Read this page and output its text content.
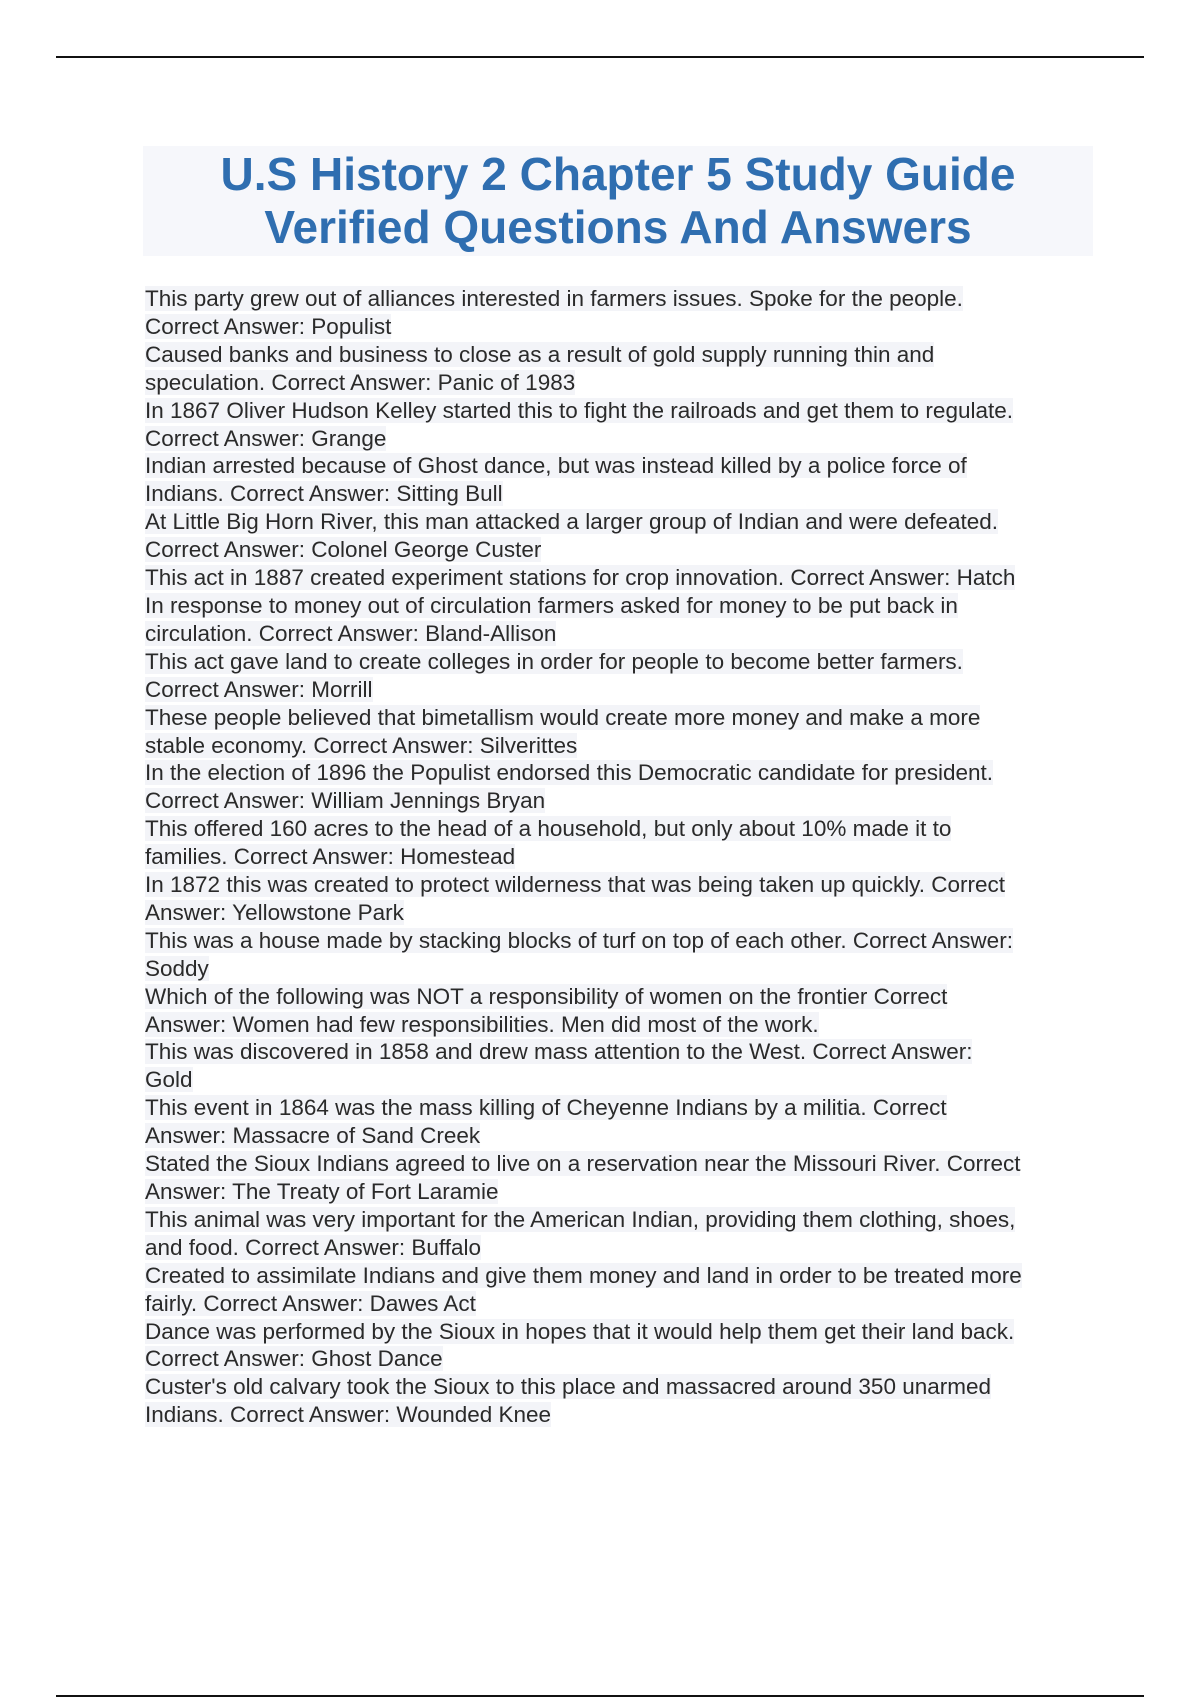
U.S History 2 Chapter 5 Study Guide
Verified Questions And Answers
This party grew out of alliances interested in farmers issues. Spoke for the people.
Correct Answer: Populist
Caused banks and business to close as a result of gold supply running thin and
speculation. Correct Answer: Panic of 1983
In 1867 Oliver Hudson Kelley started this to fight the railroads and get them to regulate.
Correct Answer: Grange
Indian arrested because of Ghost dance, but was instead killed by a police force of
Indians. Correct Answer: Sitting Bull
At Little Big Horn River, this man attacked a larger group of Indian and were defeated.
Correct Answer: Colonel George Custer
This act in 1887 created experiment stations for crop innovation. Correct Answer: Hatch
In response to money out of circulation farmers asked for money to be put back in
circulation. Correct Answer: Bland-Allison
This act gave land to create colleges in order for people to become better farmers.
Correct Answer: Morrill
These people believed that bimetallism would create more money and make a more
stable economy. Correct Answer: Silverittes
In the election of 1896 the Populist endorsed this Democratic candidate for president.
Correct Answer: William Jennings Bryan
This offered 160 acres to the head of a household, but only about 10% made it to
families. Correct Answer: Homestead
In 1872 this was created to protect wilderness that was being taken up quickly. Correct
Answer: Yellowstone Park
This was a house made by stacking blocks of turf on top of each other. Correct Answer:
Soddy
Which of the following was NOT a responsibility of women on the frontier Correct
Answer: Women had few responsibilities. Men did most of the work.
This was discovered in 1858 and drew mass attention to the West. Correct Answer:
Gold
This event in 1864 was the mass killing of Cheyenne Indians by a militia. Correct
Answer: Massacre of Sand Creek
Stated the Sioux Indians agreed to live on a reservation near the Missouri River. Correct
Answer: The Treaty of Fort Laramie
This animal was very important for the American Indian, providing them clothing, shoes,
and food. Correct Answer: Buffalo
Created to assimilate Indians and give them money and land in order to be treated more
fairly. Correct Answer: Dawes Act
Dance was performed by the Sioux in hopes that it would help them get their land back.
Correct Answer: Ghost Dance
Custer's old calvary took the Sioux to this place and massacred around 350 unarmed
Indians. Correct Answer: Wounded Knee
